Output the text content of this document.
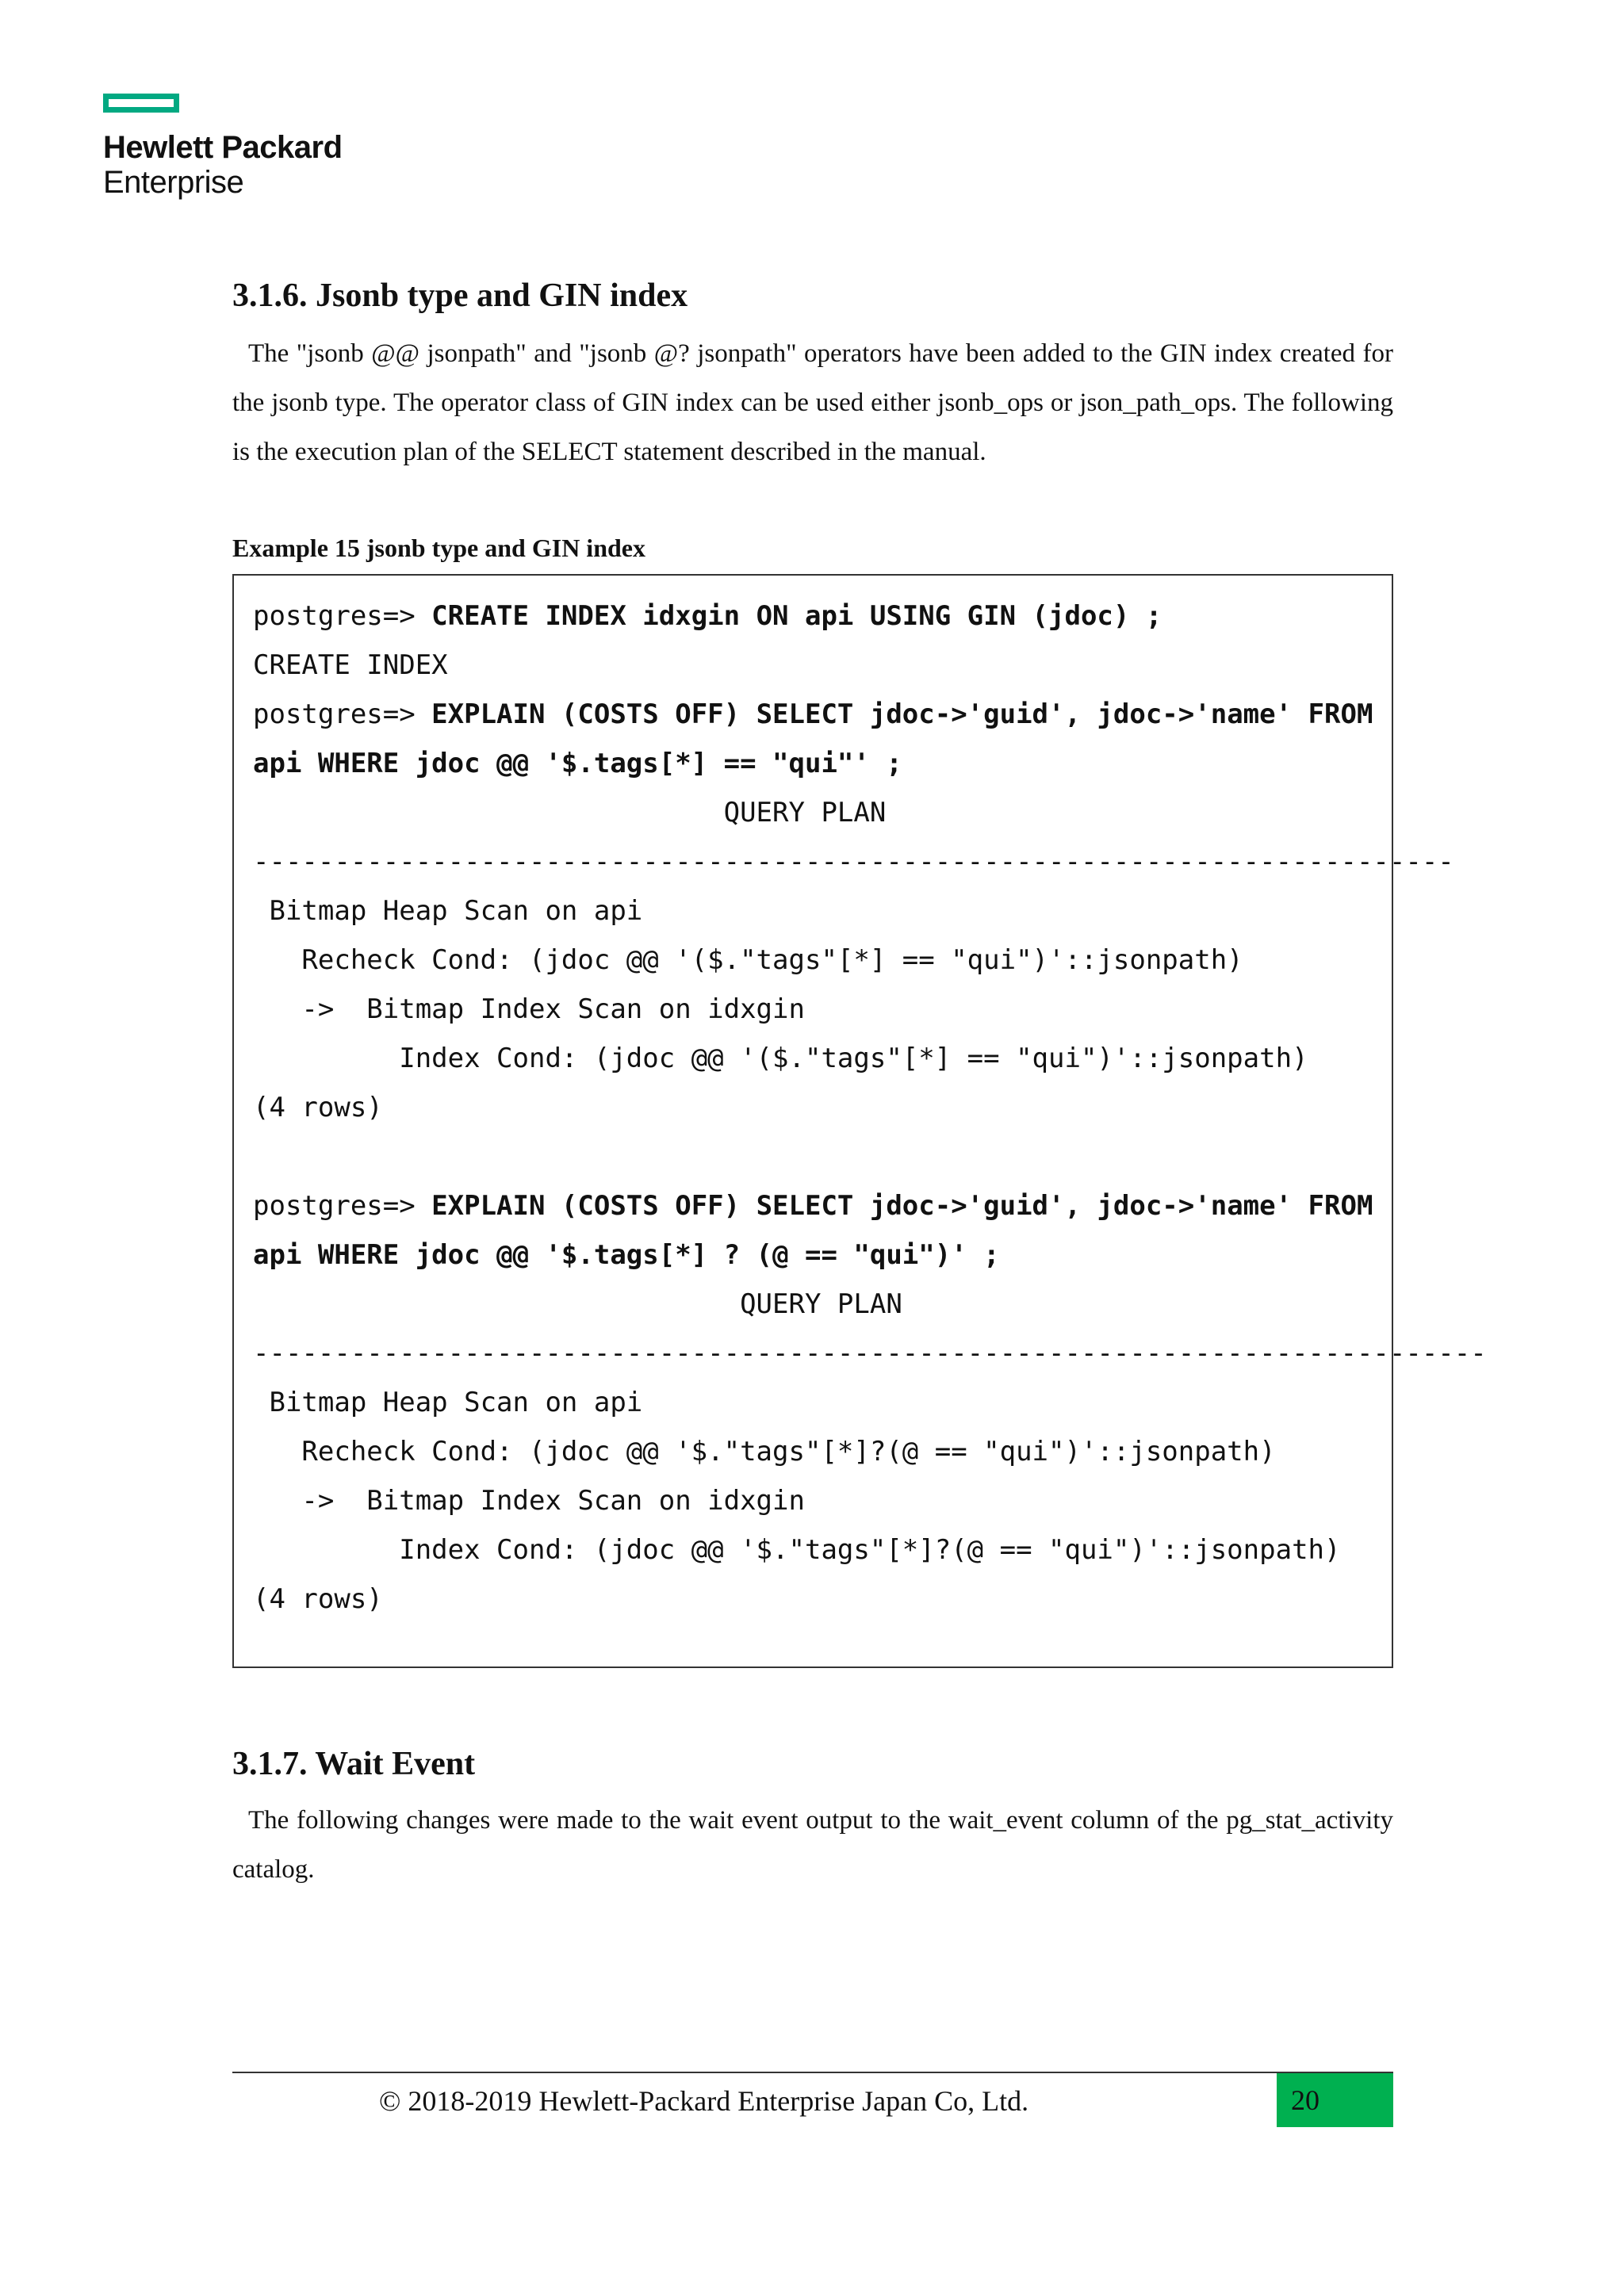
Hewlett Packard
Enterprise
3.1.6. Jsonb type and GIN index
The "jsonb @@ jsonpath" and "jsonb @? jsonpath" operators have been added to the GIN index created for the jsonb type. The operator class of GIN index can be used either jsonb_ops or json_path_ops. The following is the execution plan of the SELECT statement described in the manual.
Example 15 jsonb type and GIN index
postgres=> CREATE INDEX idxgin ON api USING GIN (jdoc) ;
CREATE INDEX
postgres=> EXPLAIN (COSTS OFF) SELECT jdoc->'guid', jdoc->'name' FROM
api WHERE jdoc @@ '$.tags[*] == "qui"' ;
QUERY PLAN
--------------------------------------------------------------------------
Bitmap Heap Scan on api
Recheck Cond: (jdoc @@ '($."tags"[*] == "qui")'::jsonpath)
->  Bitmap Index Scan on idxgin
Index Cond: (jdoc @@ '($."tags"[*] == "qui")'::jsonpath)
(4 rows)
postgres=> EXPLAIN (COSTS OFF) SELECT jdoc->'guid', jdoc->'name' FROM
api WHERE jdoc @@ '$.tags[*] ? (@ == "qui")' ;
QUERY PLAN
----------------------------------------------------------------------------
Bitmap Heap Scan on api
Recheck Cond: (jdoc @@ '$."tags"[*]?(@ == "qui")'::jsonpath)
->  Bitmap Index Scan on idxgin
Index Cond: (jdoc @@ '$."tags"[*]?(@ == "qui")'::jsonpath)
(4 rows)
3.1.7. Wait Event
The following changes were made to the wait event output to the wait_event column of the pg_stat_activity catalog.
© 2018-2019 Hewlett-Packard Enterprise Japan Co, Ltd.	20
